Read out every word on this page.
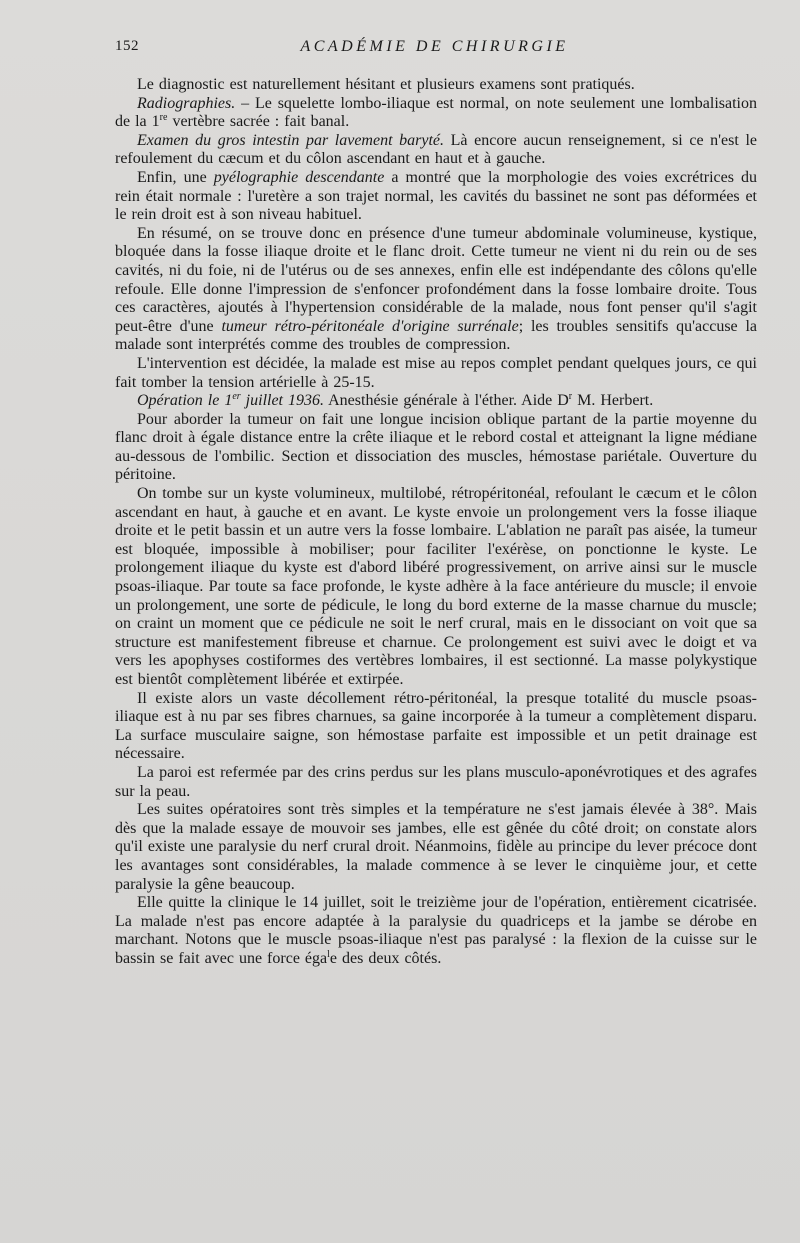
152	ACADÉMIE DE CHIRURGIE

Le diagnostic est naturellement hésitant et plusieurs examens sont pratiqués.

Radiographies. – Le squelette lombo-iliaque est normal, on note seulement une lombalisation de la 1re vertèbre sacrée : fait banal.

Examen du gros intestin par lavement baryté. Là encore aucun renseignement, si ce n'est le refoulement du cæcum et du côlon ascendant en haut et à gauche.

Enfin, une pyélographie descendante a montré que la morphologie des voies excrétrices du rein était normale : l'uretère a son trajet normal, les cavités du bassinet ne sont pas déformées et le rein droit est à son niveau habituel.

En résumé, on se trouve donc en présence d'une tumeur abdominale volumineuse, kystique, bloquée dans la fosse iliaque droite et le flanc droit. Cette tumeur ne vient ni du rein ou de ses cavités, ni du foie, ni de l'utérus ou de ses annexes, enfin elle est indépendante des côlons qu'elle refoule. Elle donne l'impression de s'enfoncer profondément dans la fosse lombaire droite. Tous ces caractères, ajoutés à l'hypertension considérable de la malade, nous font penser qu'il s'agit peut-être d'une tumeur rétro-péritonéale d'origine surrénale; les troubles sensitifs qu'accuse la malade sont interprétés comme des troubles de compression.

L'intervention est décidée, la malade est mise au repos complet pendant quelques jours, ce qui fait tomber la tension artérielle à 25-15.

Opération le 1er juillet 1936. Anesthésie générale à l'éther. Aide $D^r$ M. Herbert.

Pour aborder la tumeur on fait une longue incision oblique partant de la partie moyenne du flanc droit à égale distance entre la crête iliaque et le rebord costal et atteignant la ligne médiane au-dessous de l'ombilic. Section et dissociation des muscles, hémostase pariétale. Ouverture du péritoine.

On tombe sur un kyste volumineux, multilobé, rétropéritonéal, refoulant le cæcum et le côlon ascendant en haut, à gauche et en avant. Le kyste envoie un prolongement vers la fosse iliaque droite et le petit bassin et un autre vers la fosse lombaire. L'ablation ne paraît pas aisée, la tumeur est bloquée, impossible à mobiliser; pour faciliter l'exérèse, on ponctionne le kyste. Le prolongement iliaque du kyste est d'abord libéré progressivement, on arrive ainsi sur le muscle psoas-iliaque. Par toute sa face profonde, le kyste adhère à la face antérieure du muscle; il envoie un prolongement, une sorte de pédicule, le long du bord externe de la masse charnue du muscle; on craint un moment que ce pédicule ne soit le nerf crural, mais en le dissociant on voit que sa structure est manifestement fibreuse et charnue. Ce prolongement est suivi avec le doigt et va vers les apophyses costiformes des vertèbres lombaires, il est sectionné. La masse polykystique est bientôt complètement libérée et extirpée.

Il existe alors un vaste décollement rétro-péritonéal, la presque totalité du muscle psoas-iliaque est à nu par ses fibres charnues, sa gaine incorporée à la tumeur a complètement disparu. La surface musculaire saigne, son hémostase parfaite est impossible et un petit drainage est nécessaire.

La paroi est refermée par des crins perdus sur les plans musculo-aponévrotiques et des agrafes sur la peau.

Les suites opératoires sont très simples et la température ne s'est jamais élevée à 38°. Mais dès que la malade essaye de mouvoir ses jambes, elle est gênée du côté droit; on constate alors qu'il existe une paralysie du nerf crural droit. Néanmoins, fidèle au principe du lever précoce dont les avantages sont considérables, la malade commence à se lever le cinquième jour, et cette paralysie la gêne beaucoup.

Elle quitte la clinique le 14 juillet, soit le treizième jour de l'opération, entièrement cicatrisée. La malade n'est pas encore adaptée à la paralysie du quadriceps et la jambe se dérobe en marchant. Notons que le muscle psoas-iliaque n'est pas paralysé : la flexion de la cuisse sur le bassin se fait avec une force éga$^l$e des deux côtés.
